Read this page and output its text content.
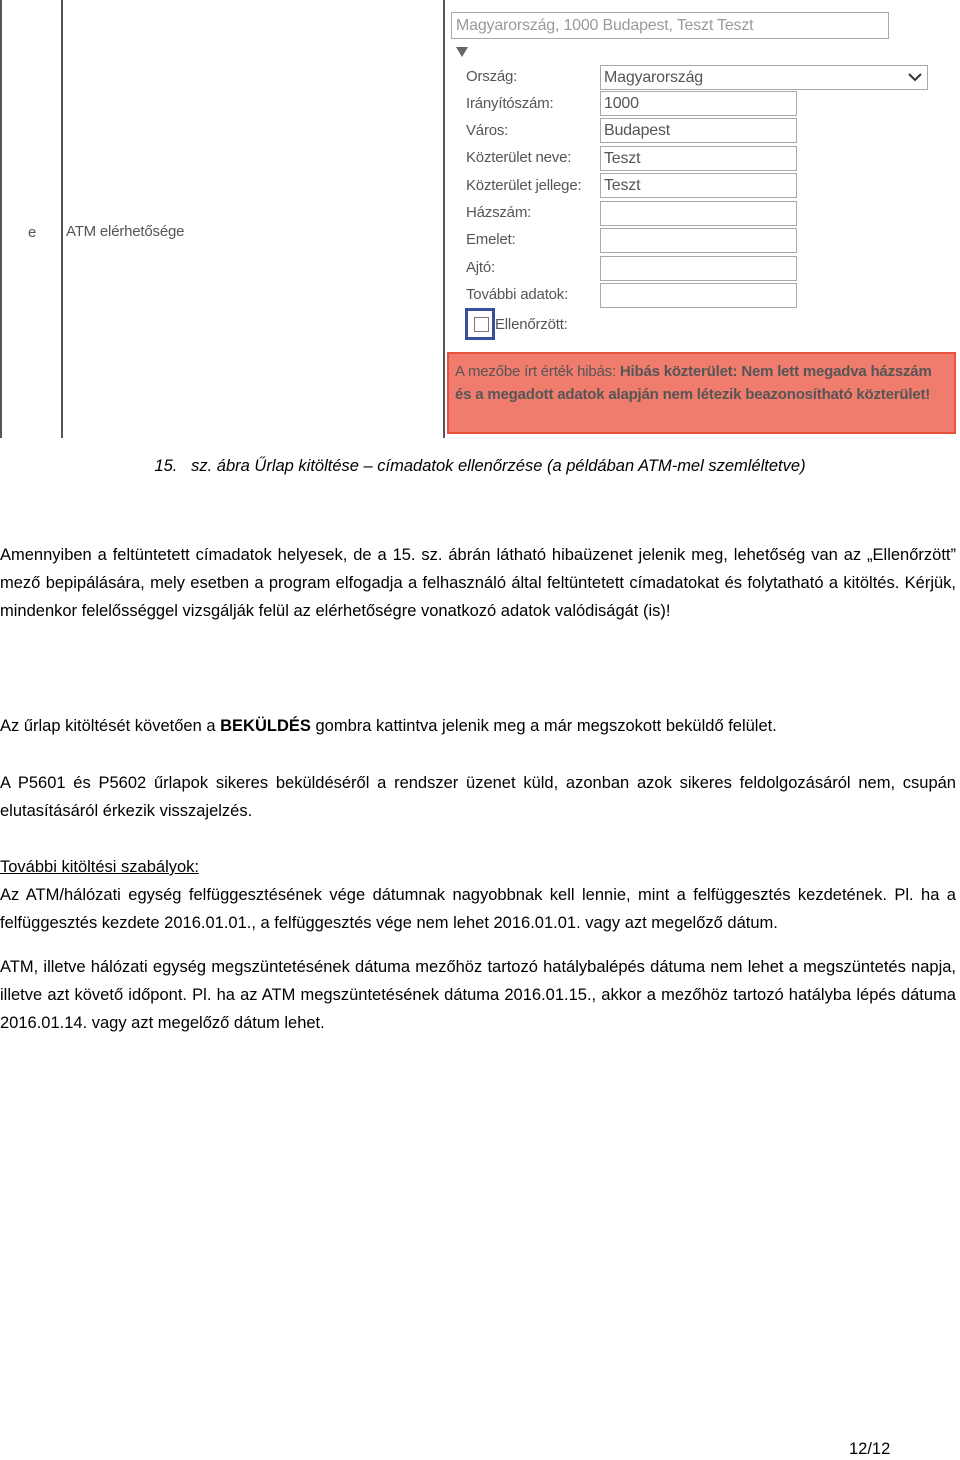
e ATM elérhetősége
Magyarország, 1000 Budapest, Teszt Teszt
Ország:
Irányítószám:
Város:
Közterület neve:
Közterület jellege:
Házszám:
Emelet:
Ajtó:
További adatok:
Magyarország
1000
Budapest
Teszt
Teszt
Ellenőrzött:
A mezőbe írt érték hibás: Hibás közterület: Nem lett megadva házszám és a megadott adatok alapján nem létezik beazonosítható közterület!
15.   sz. ábra Űrlap kitöltése – címadatok ellenőrzése (a példában ATM-mel szemléltetve)

Amennyiben a feltüntetett címadatok helyesek, de a 15. sz. ábrán látható hibaüzenet jelenik meg, lehetőség van az „Ellenőrzött” mező bepipálására, mely esetben a program elfogadja a felhasználó által feltüntetett címadatokat és folytatható a kitöltés. Kérjük, mindenkor felelősséggel vizsgálják felül az elérhetőségre vonatkozó adatok valódiságát (is)!

Az űrlap kitöltését követően a BEKÜLDÉS gombra kattintva jelenik meg a már megszokott beküldő felület.

A P5601 és P5602 űrlapok sikeres beküldéséről a rendszer üzenet küld, azonban azok sikeres feldolgozásáról nem, csupán elutasításáról érkezik visszajelzés.

További kitöltési szabályok:
Az ATM/hálózati egység felfüggesztésének vége dátumnak nagyobbnak kell lennie, mint a felfüggesztés kezdetének. Pl. ha a felfüggesztés kezdete 2016.01.01., a felfüggesztés vége nem lehet 2016.01.01. vagy azt megelőző dátum.

ATM, illetve hálózati egység megszüntetésének dátuma mezőhöz tartozó hatálybalépés dátuma nem lehet a megszüntetés napja, illetve azt követő időpont. Pl. ha az ATM megszüntetésének dátuma 2016.01.15., akkor a mezőhöz tartozó hatályba lépés dátuma 2016.01.14. vagy azt megelőző dátum lehet.

12/12
